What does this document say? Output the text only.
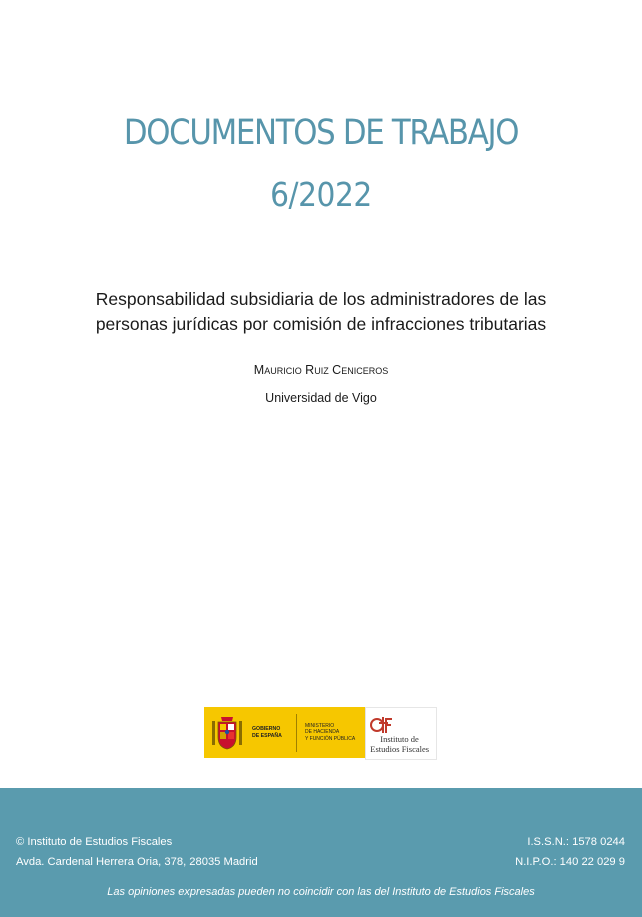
DOCUMENTOS DE TRABAJO
6/2022
Responsabilidad subsidiaria de los administradores de las
personas jurídicas por comisión de infracciones tributarias
Mauricio Ruiz Ceniceros
Universidad de Vigo
GOBIERNO
DE ESPAÑA
MINISTERIO
DE HACIENDA
Y FUNCIÓN PÚBLICA	Instituto de
Estudios Fiscales
© Instituto de Estudios Fiscales
Avda. Cardenal Herrera Oria, 378, 28035 Madrid
I.S.S.N.: 1578 0244
N.I.P.O.: 140 22 029 9
Las opiniones expresadas pueden no coincidir con las del Instituto de Estudios Fiscales
